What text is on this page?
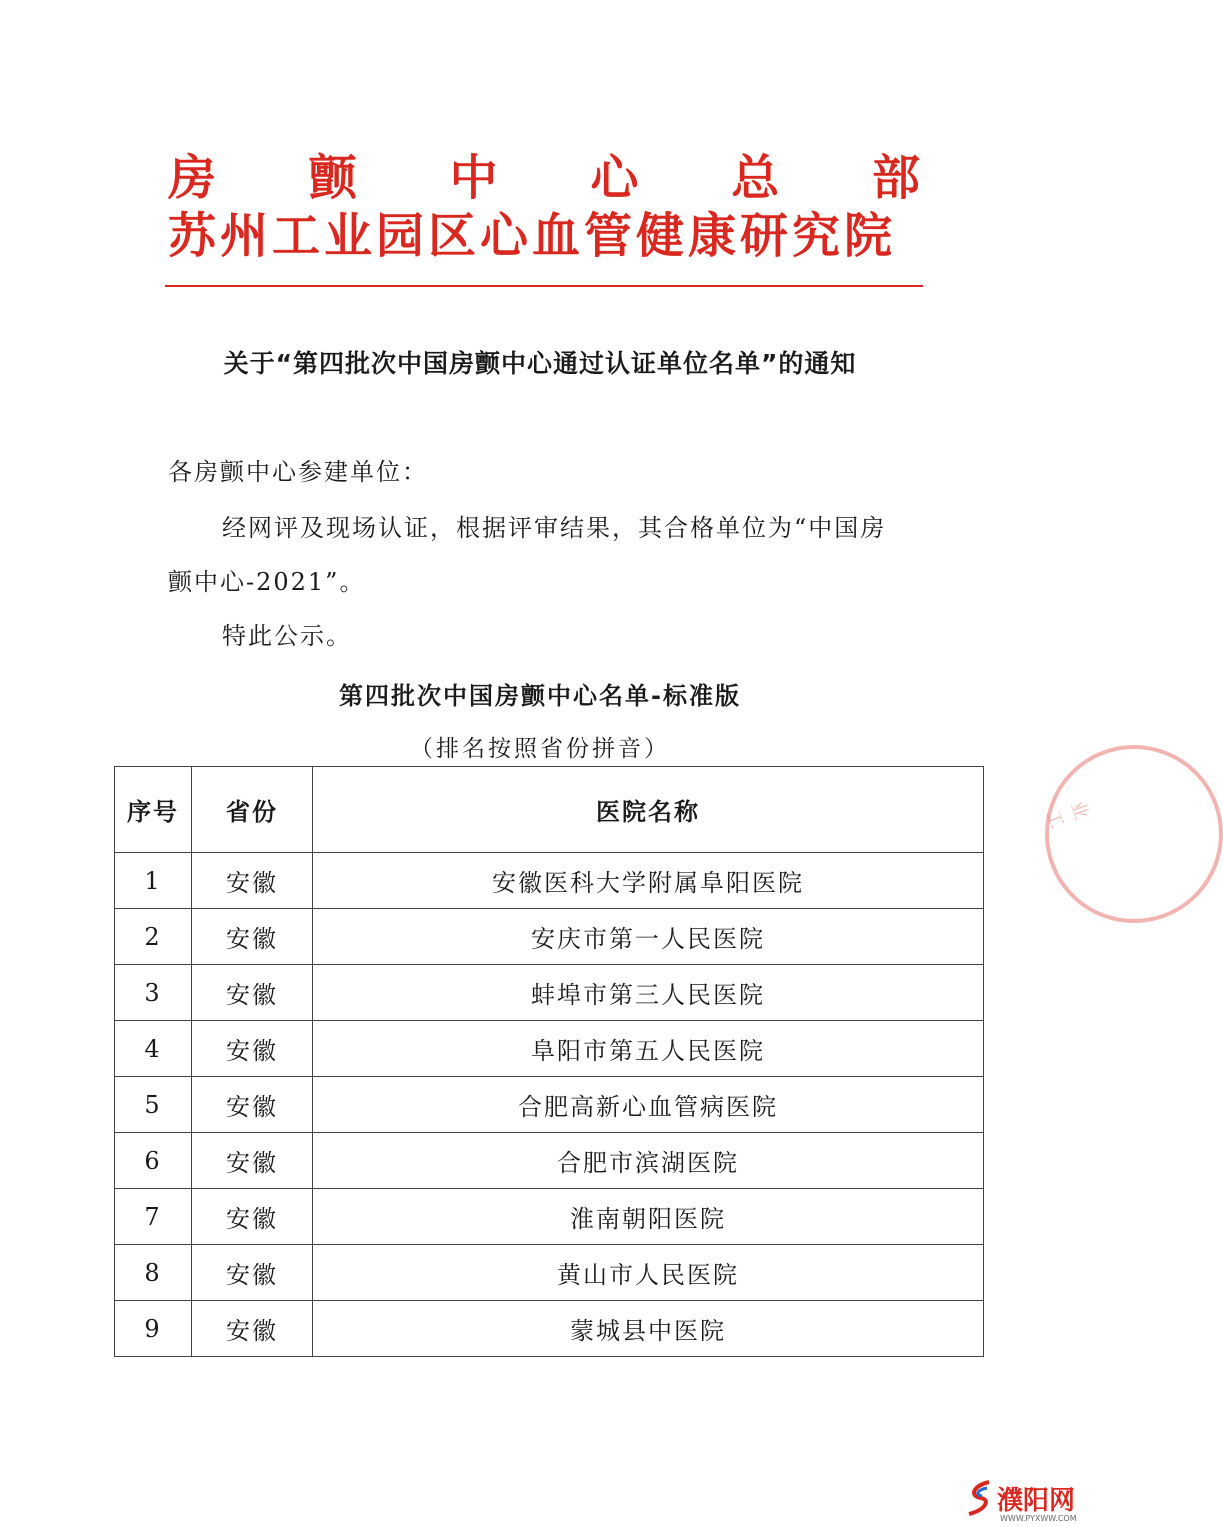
房 颤 中 心 总 部
苏州工业园区心血管健康研究院
关于“第四批次中国房颤中心通过认证单位名单”的通知
各房颤中心参建单位：
经网评及现场认证，根据评审结果，其合格单位为“中国房
颤中心-2021”。
特此公示。
第四批次中国房颤中心名单-标准版
（排名按照省份拼音）
序号	省份	医院名称
1	安徽	安徽医科大学附属阜阳医院
2	安徽	安庆市第一人民医院
3	安徽	蚌埠市第三人民医院
4	安徽	阜阳市第五人民医院
5	安徽	合肥高新心血管病医院
6	安徽	合肥市滨湖医院
7	安徽	淮南朝阳医院
8	安徽	黄山市人民医院
9	安徽	蒙城县中医院
业工
濮阳网
WWW.PYXWW.COM
